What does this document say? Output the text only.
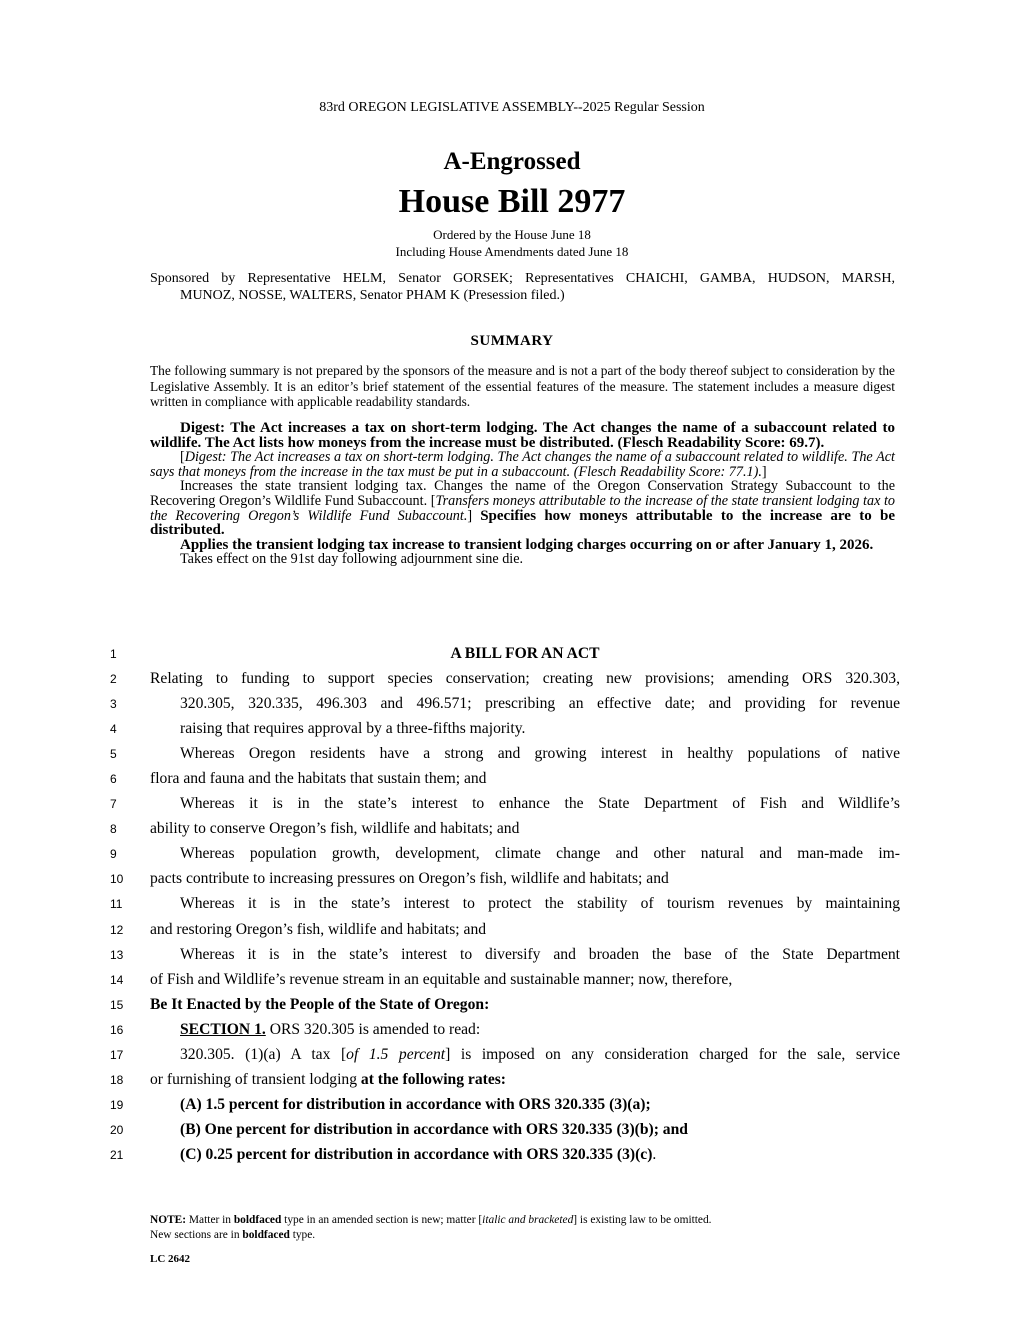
83rd OREGON LEGISLATIVE ASSEMBLY--2025 Regular Session
A-Engrossed
House Bill 2977
Ordered by the House June 18
Including House Amendments dated June 18
Sponsored by Representative HELM, Senator GORSEK; Representatives CHAICHI, GAMBA, HUDSON, MARSH,
MUNOZ, NOSSE, WALTERS, Senator PHAM K (Presession filed.)
SUMMARY
The following summary is not prepared by the sponsors of the measure and is not a part of the body thereof subject to consideration by the Legislative Assembly. It is an editor’s brief statement of the essential features of the measure. The statement includes a measure digest written in compliance with applicable readability standards.

Digest: The Act increases a tax on short-term lodging. The Act changes the name of a subaccount related to wildlife. The Act lists how moneys from the increase must be distributed. (Flesch Readability Score: 69.7).

[Digest: The Act increases a tax on short-term lodging. The Act changes the name of a subaccount related to wildlife. The Act says that moneys from the increase in the tax must be put in a subaccount. (Flesch Readability Score: 77.1).]

Increases the state transient lodging tax. Changes the name of the Oregon Conservation Strategy Subaccount to the Recovering Oregon’s Wildlife Fund Subaccount. [Transfers moneys attributable to the increase of the state transient lodging tax to the Recovering Oregon’s Wildlife Fund Subaccount.] Specifies how moneys attributable to the increase are to be distributed.

Applies the transient lodging tax increase to transient lodging charges occurring on or after January 1, 2026.

Takes effect on the 91st day following adjournment sine die.

1	A BILL FOR AN ACT
2	Relating to funding to support species conservation; creating new provisions; amending ORS 320.303,
3	320.305, 320.335, 496.303 and 496.571; prescribing an effective date; and providing for revenue
4	raising that requires approval by a three-fifths majority.
5	Whereas Oregon residents have a strong and growing interest in healthy populations of native
6	flora and fauna and the habitats that sustain them; and
7	Whereas it is in the state’s interest to enhance the State Department of Fish and Wildlife’s
8	ability to conserve Oregon’s fish, wildlife and habitats; and
9	Whereas population growth, development, climate change and other natural and man-made im-
10	pacts contribute to increasing pressures on Oregon’s fish, wildlife and habitats; and
11	Whereas it is in the state’s interest to protect the stability of tourism revenues by maintaining
12	and restoring Oregon’s fish, wildlife and habitats; and
13	Whereas it is in the state’s interest to diversify and broaden the base of the State Department
14	of Fish and Wildlife’s revenue stream in an equitable and sustainable manner; now, therefore,
15	Be It Enacted by the People of the State of Oregon:
16	SECTION 1. ORS 320.305 is amended to read:
17	320.305. (1)(a) A tax [of 1.5 percent] is imposed on any consideration charged for the sale, service
18	or furnishing of transient lodging at the following rates:
19	(A) 1.5 percent for distribution in accordance with ORS 320.335 (3)(a);
20	(B) One percent for distribution in accordance with ORS 320.335 (3)(b); and
21	(C) 0.25 percent for distribution in accordance with ORS 320.335 (3)(c).
NOTE: Matter in boldfaced type in an amended section is new; matter [italic and bracketed] is existing law to be omitted.
New sections are in boldfaced type.
LC 2642
